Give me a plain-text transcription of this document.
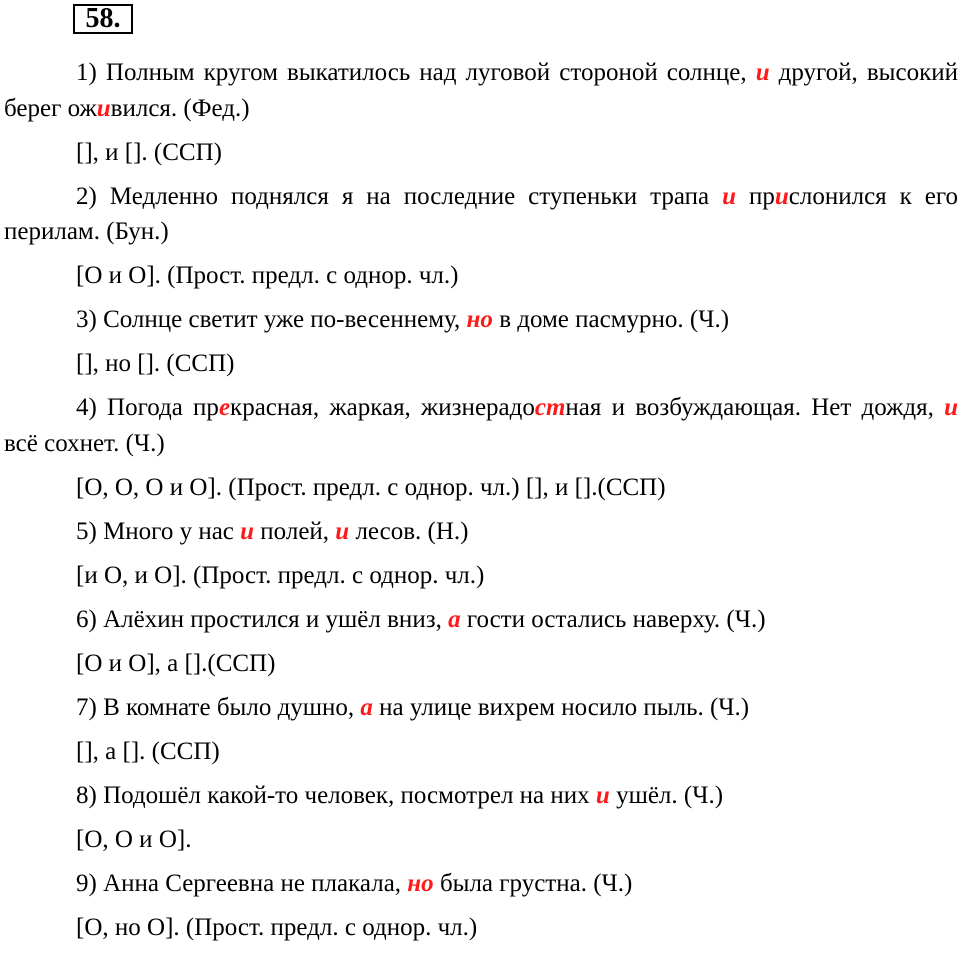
58.
1) Полным кругом выкатилось над луговой стороной солнце, и другой, высокий берег оживился. (Фед.)
[], и []. (ССП)
2) Медленно поднялся я на последние ступеньки трапа и прислонился к его перилам. (Бун.)
[О и О]. (Прост. предл. с однор. чл.)
3) Солнце светит уже по-весеннему, но в доме пасмурно. (Ч.)
[], но []. (ССП)
4) Погода прекрасная, жаркая, жизнерадостная и возбуждающая. Нет дождя, и всё сохнет. (Ч.)
[О, О, О и О]. (Прост. предл. с однор. чл.) [], и [].(ССП)
5) Много у нас и полей, и лесов. (Н.)
[и О, и О]. (Прост. предл. с однор. чл.)
6) Алёхин простился и ушёл вниз, а гости остались наверху. (Ч.)
[О и О], а [].(ССП)
7) В комнате было душно, а на улице вихрем носило пыль. (Ч.)
[], а []. (ССП)
8) Подошёл какой-то человек, посмотрел на них и ушёл. (Ч.)
[О, О и О].
9) Анна Сергеевна не плакала, но была грустна. (Ч.)
[О, но О]. (Прост. предл. с однор. чл.)
